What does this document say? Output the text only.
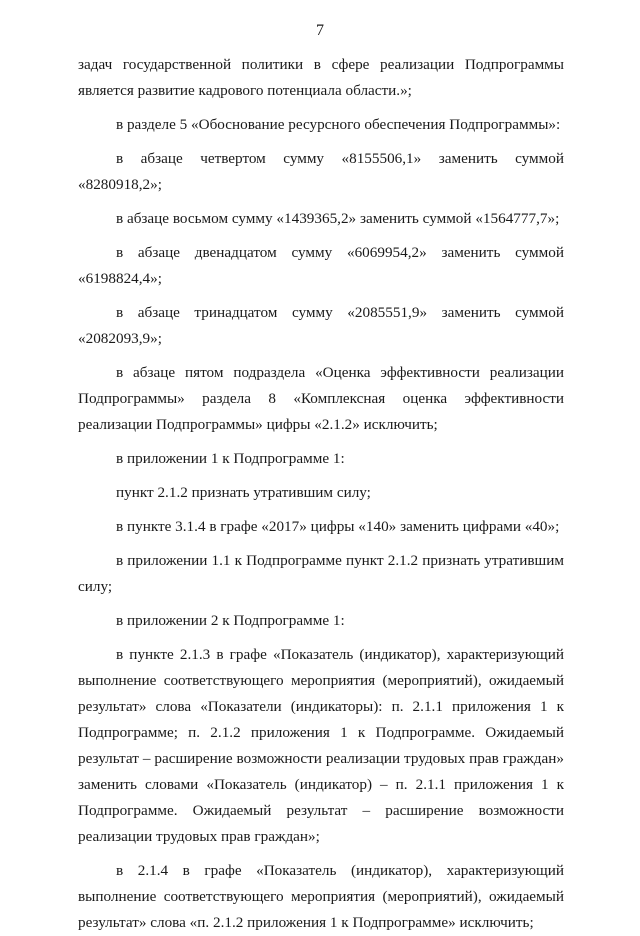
7
задач государственной политики в сфере реализации Подпрограммы
является развитие кадрового потенциала области.»;
в разделе 5 «Обоснование ресурсного обеспечения Подпрограммы»:
в абзаце четвертом сумму «8155506,1» заменить суммой
«8280918,2»;
в абзаце восьмом сумму «1439365,2» заменить суммой «1564777,7»;
в абзаце двенадцатом сумму «6069954,2» заменить суммой
«6198824,4»;
в абзаце тринадцатом сумму «2085551,9» заменить суммой
«2082093,9»;
в абзаце пятом подраздела «Оценка эффективности реализации
Подпрограммы» раздела 8 «Комплексная оценка эффективности
реализации Подпрограммы» цифры «2.1.2» исключить;
в приложении 1 к Подпрограмме 1:
пункт 2.1.2 признать утратившим силу;
в пункте 3.1.4 в графе «2017» цифры «140» заменить цифрами «40»;
в приложении 1.1 к Подпрограмме пункт 2.1.2 признать утратившим
силу;
в приложении 2 к Подпрограмме 1:
в пункте 2.1.3 в графе «Показатель (индикатор), характеризующий
выполнение соответствующего мероприятия (мероприятий), ожидаемый
результат» слова «Показатели (индикаторы): п. 2.1.1 приложения 1 к
Подпрограмме; п. 2.1.2 приложения 1 к Подпрограмме. Ожидаемый
результат – расширение возможности реализации трудовых прав граждан»
заменить словами «Показатель (индикатор) – п. 2.1.1 приложения 1 к
Подпрограмме. Ожидаемый результат – расширение возможности
реализации трудовых прав граждан»;
в 2.1.4 в графе «Показатель (индикатор), характеризующий
выполнение соответствующего мероприятия (мероприятий), ожидаемый
результат» слова «п. 2.1.2 приложения 1 к Подпрограмме» исключить;
